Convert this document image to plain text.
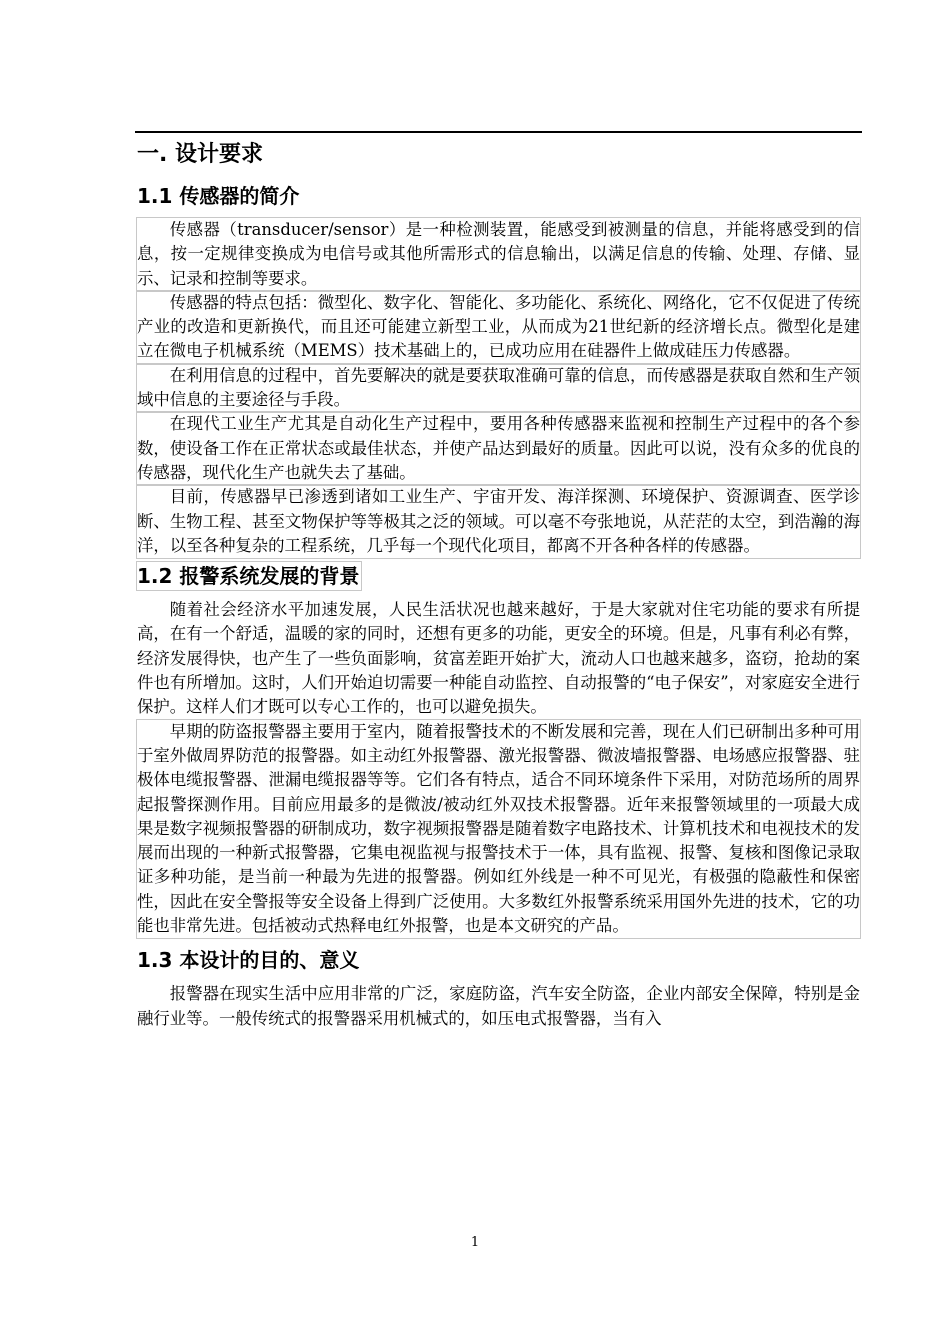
一. 设计要求
1.1 传感器的简介

传感器（transducer/sensor）是一种检测装置，能感受到被测量的信息，并能将感受到的信息，按一定规律变换成为电信号或其他所需形式的信息输出，以满足信息的传输、处理、存储、显示、记录和控制等要求。

传感器的特点包括：微型化、数字化、智能化、多功能化、系统化、网络化，它不仅促进了传统产业的改造和更新换代，而且还可能建立新型工业，从而成为21世纪新的经济增长点。微型化是建立在微电子机械系统（MEMS）技术基础上的，已成功应用在硅器件上做成硅压力传感器。

在利用信息的过程中，首先要解决的就是要获取准确可靠的信息，而传感器是获取自然和生产领域中信息的主要途径与手段。

在现代工业生产尤其是自动化生产过程中，要用各种传感器来监视和控制生产过程中的各个参数，使设备工作在正常状态或最佳状态，并使产品达到最好的质量。因此可以说，没有众多的优良的传感器，现代化生产也就失去了基础。

目前，传感器早已渗透到诸如工业生产、宇宙开发、海洋探测、环境保护、资源调查、医学诊断、生物工程、甚至文物保护等等极其之泛的领域。可以毫不夸张地说，从茫茫的太空，到浩瀚的海洋，以至各种复杂的工程系统，几乎每一个现代化项目，都离不开各种各样的传感器。

1.2 报警系统发展的背景

随着社会经济水平加速发展，人民生活状况也越来越好，于是大家就对住宅功能的要求有所提高，在有一个舒适，温暖的家的同时，还想有更多的功能，更安全的环境。但是，凡事有利必有弊，经济发展得快，也产生了一些负面影响，贫富差距开始扩大，流动人口也越来越多，盗窃，抢劫的案件也有所增加。这时，人们开始迫切需要一种能自动监控、自动报警的“电子保安”，对家庭安全进行保护。这样人们才既可以专心工作的，也可以避免损失。

早期的防盗报警器主要用于室内，随着报警技术的不断发展和完善，现在人们已研制出多种可用于室外做周界防范的报警器。如主动红外报警器、激光报警器、微波墙报警器、电场感应报警器、驻极体电缆报警器、泄漏电缆报器等等。它们各有特点，适合不同环境条件下采用，对防范场所的周界起报警探测作用。目前应用最多的是微波/被动红外双技术报警器。近年来报警领域里的一项最大成果是数字视频报警器的研制成功，数字视频报警器是随着数字电路技术、计算机技术和电视技术的发展而出现的一种新式报警器，它集电视监视与报警技术于一体，具有监视、报警、复核和图像记录取证多种功能，是当前一种最为先进的报警器。例如红外线是一种不可见光，有极强的隐蔽性和保密性，因此在安全警报等安全设备上得到广泛使用。大多数红外报警系统采用国外先进的技术，它的功能也非常先进。包括被动式热释电红外报警，也是本文研究的产品。

1.3 本设计的目的、意义

报警器在现实生活中应用非常的广泛，家庭防盗，汽车安全防盗，企业内部安全保障，特别是金融行业等。一般传统式的报警器采用机械式的，如压电式报警器，当有入

1
